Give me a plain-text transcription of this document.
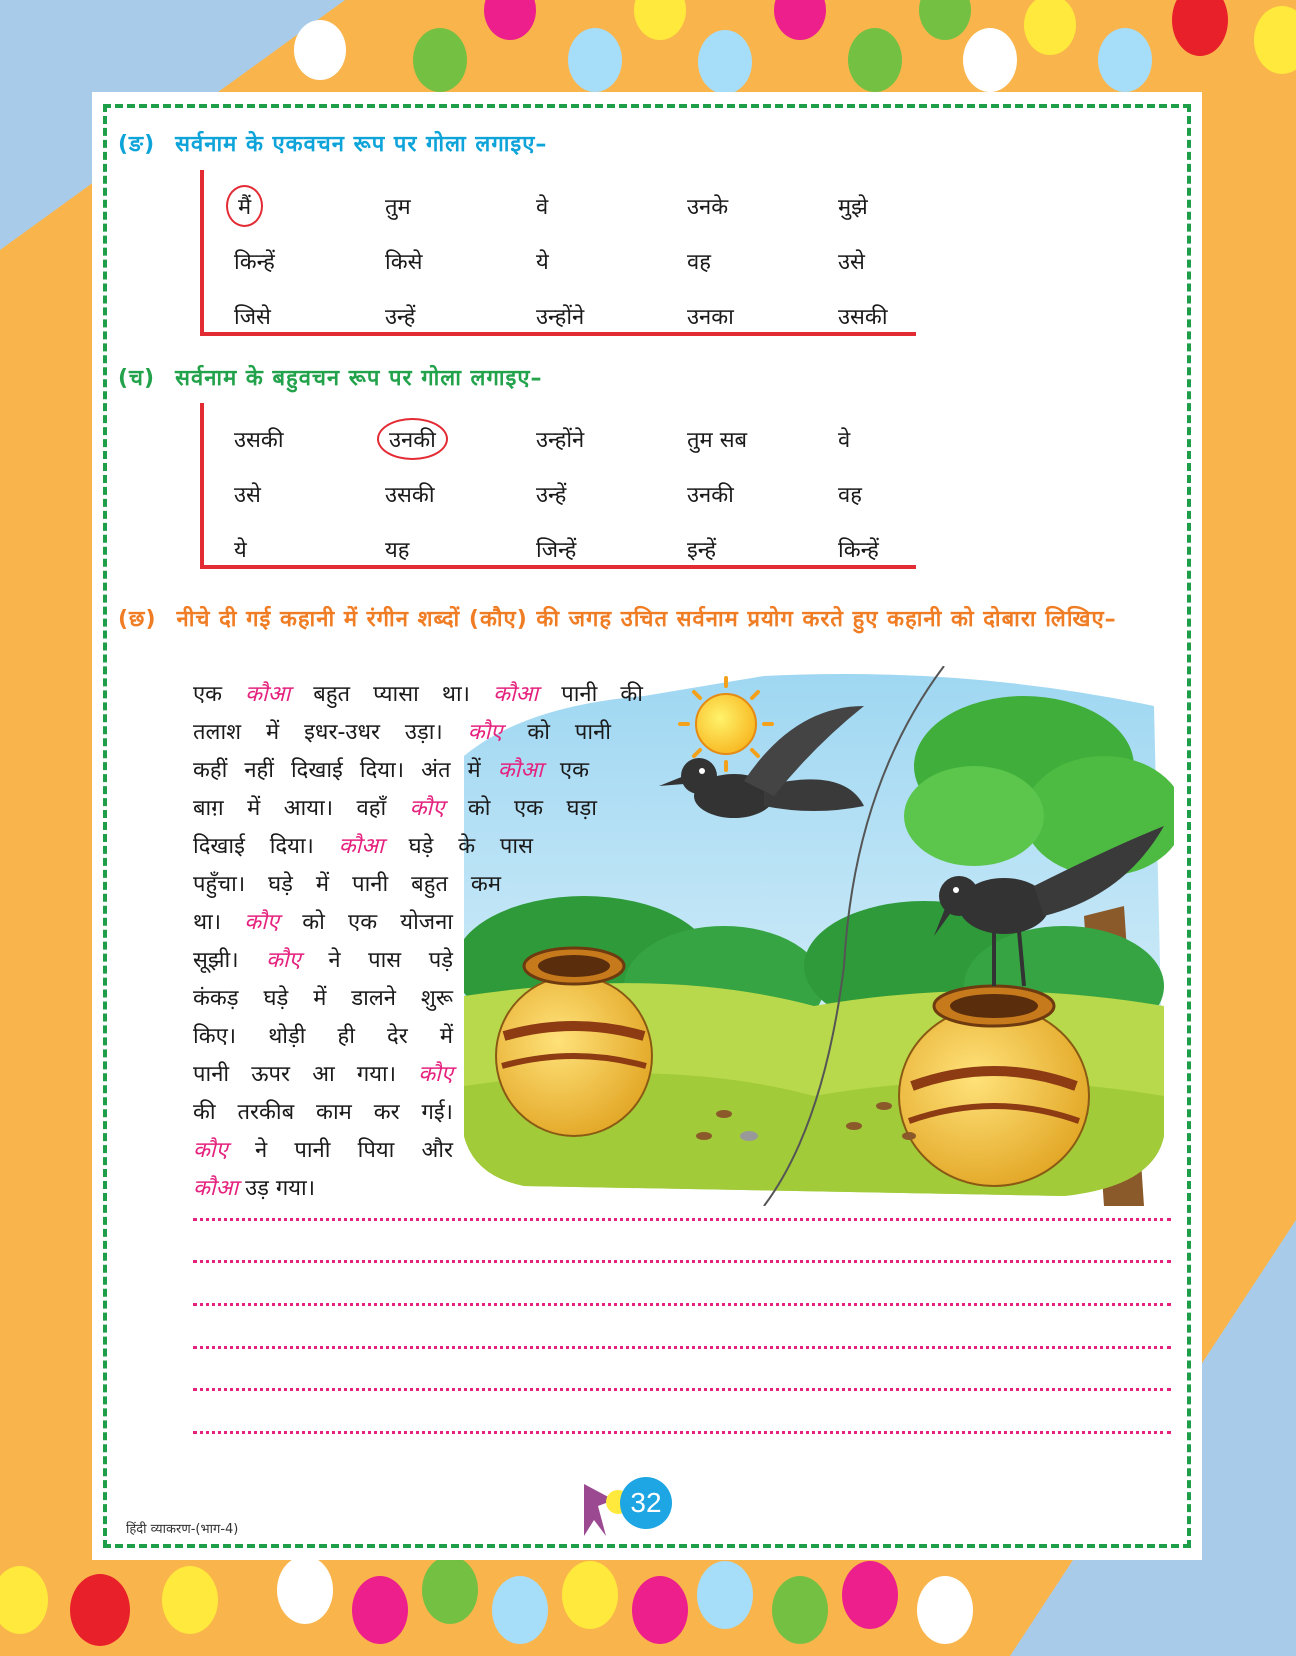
(ङ) सर्वनाम के एकवचन रूप पर गोला लगाइए–
मैं	तुम	वे	उनके	मुझे
किन्हें	किसे	ये	वह	उसे
जिसे	उन्हें	उन्होंने	उनका	उसकी
(च) सर्वनाम के बहुवचन रूप पर गोला लगाइए–
उसकी	उनकी	उन्होंने	तुम सब	वे
उसे	उसकी	उन्हें	उनकी	वह
ये	यह	जिन्हें	इन्हें	किन्हें
(छ) नीचे दी गई कहानी में रंगीन शब्दों (कौए) की जगह उचित सर्वनाम प्रयोग करते हुए कहानी को दोबारा लिखिए–
एक कौआ बहुत प्यासा था। कौआ पानी की
तलाश में इधर-उधर उड़ा। कौए को पानी
कहीं नहीं दिखाई दिया। अंत में कौआ एक
बाग़ में आया। वहाँ कौए को एक घड़ा
दिखाई दिया। कौआ घड़े के पास
पहुँचा। घड़े में पानी बहुत कम
था। कौए को एक योजना
सूझी। कौए ने पास पड़े
कंकड़ घड़े में डालने शुरू
किए। थोड़ी ही देर में
पानी ऊपर आ गया। कौए
की तरकीब काम कर गई।
कौए ने पानी पिया और
कौआ उड़ गया।
हिंदी व्याकरण-(भाग-4)
32
